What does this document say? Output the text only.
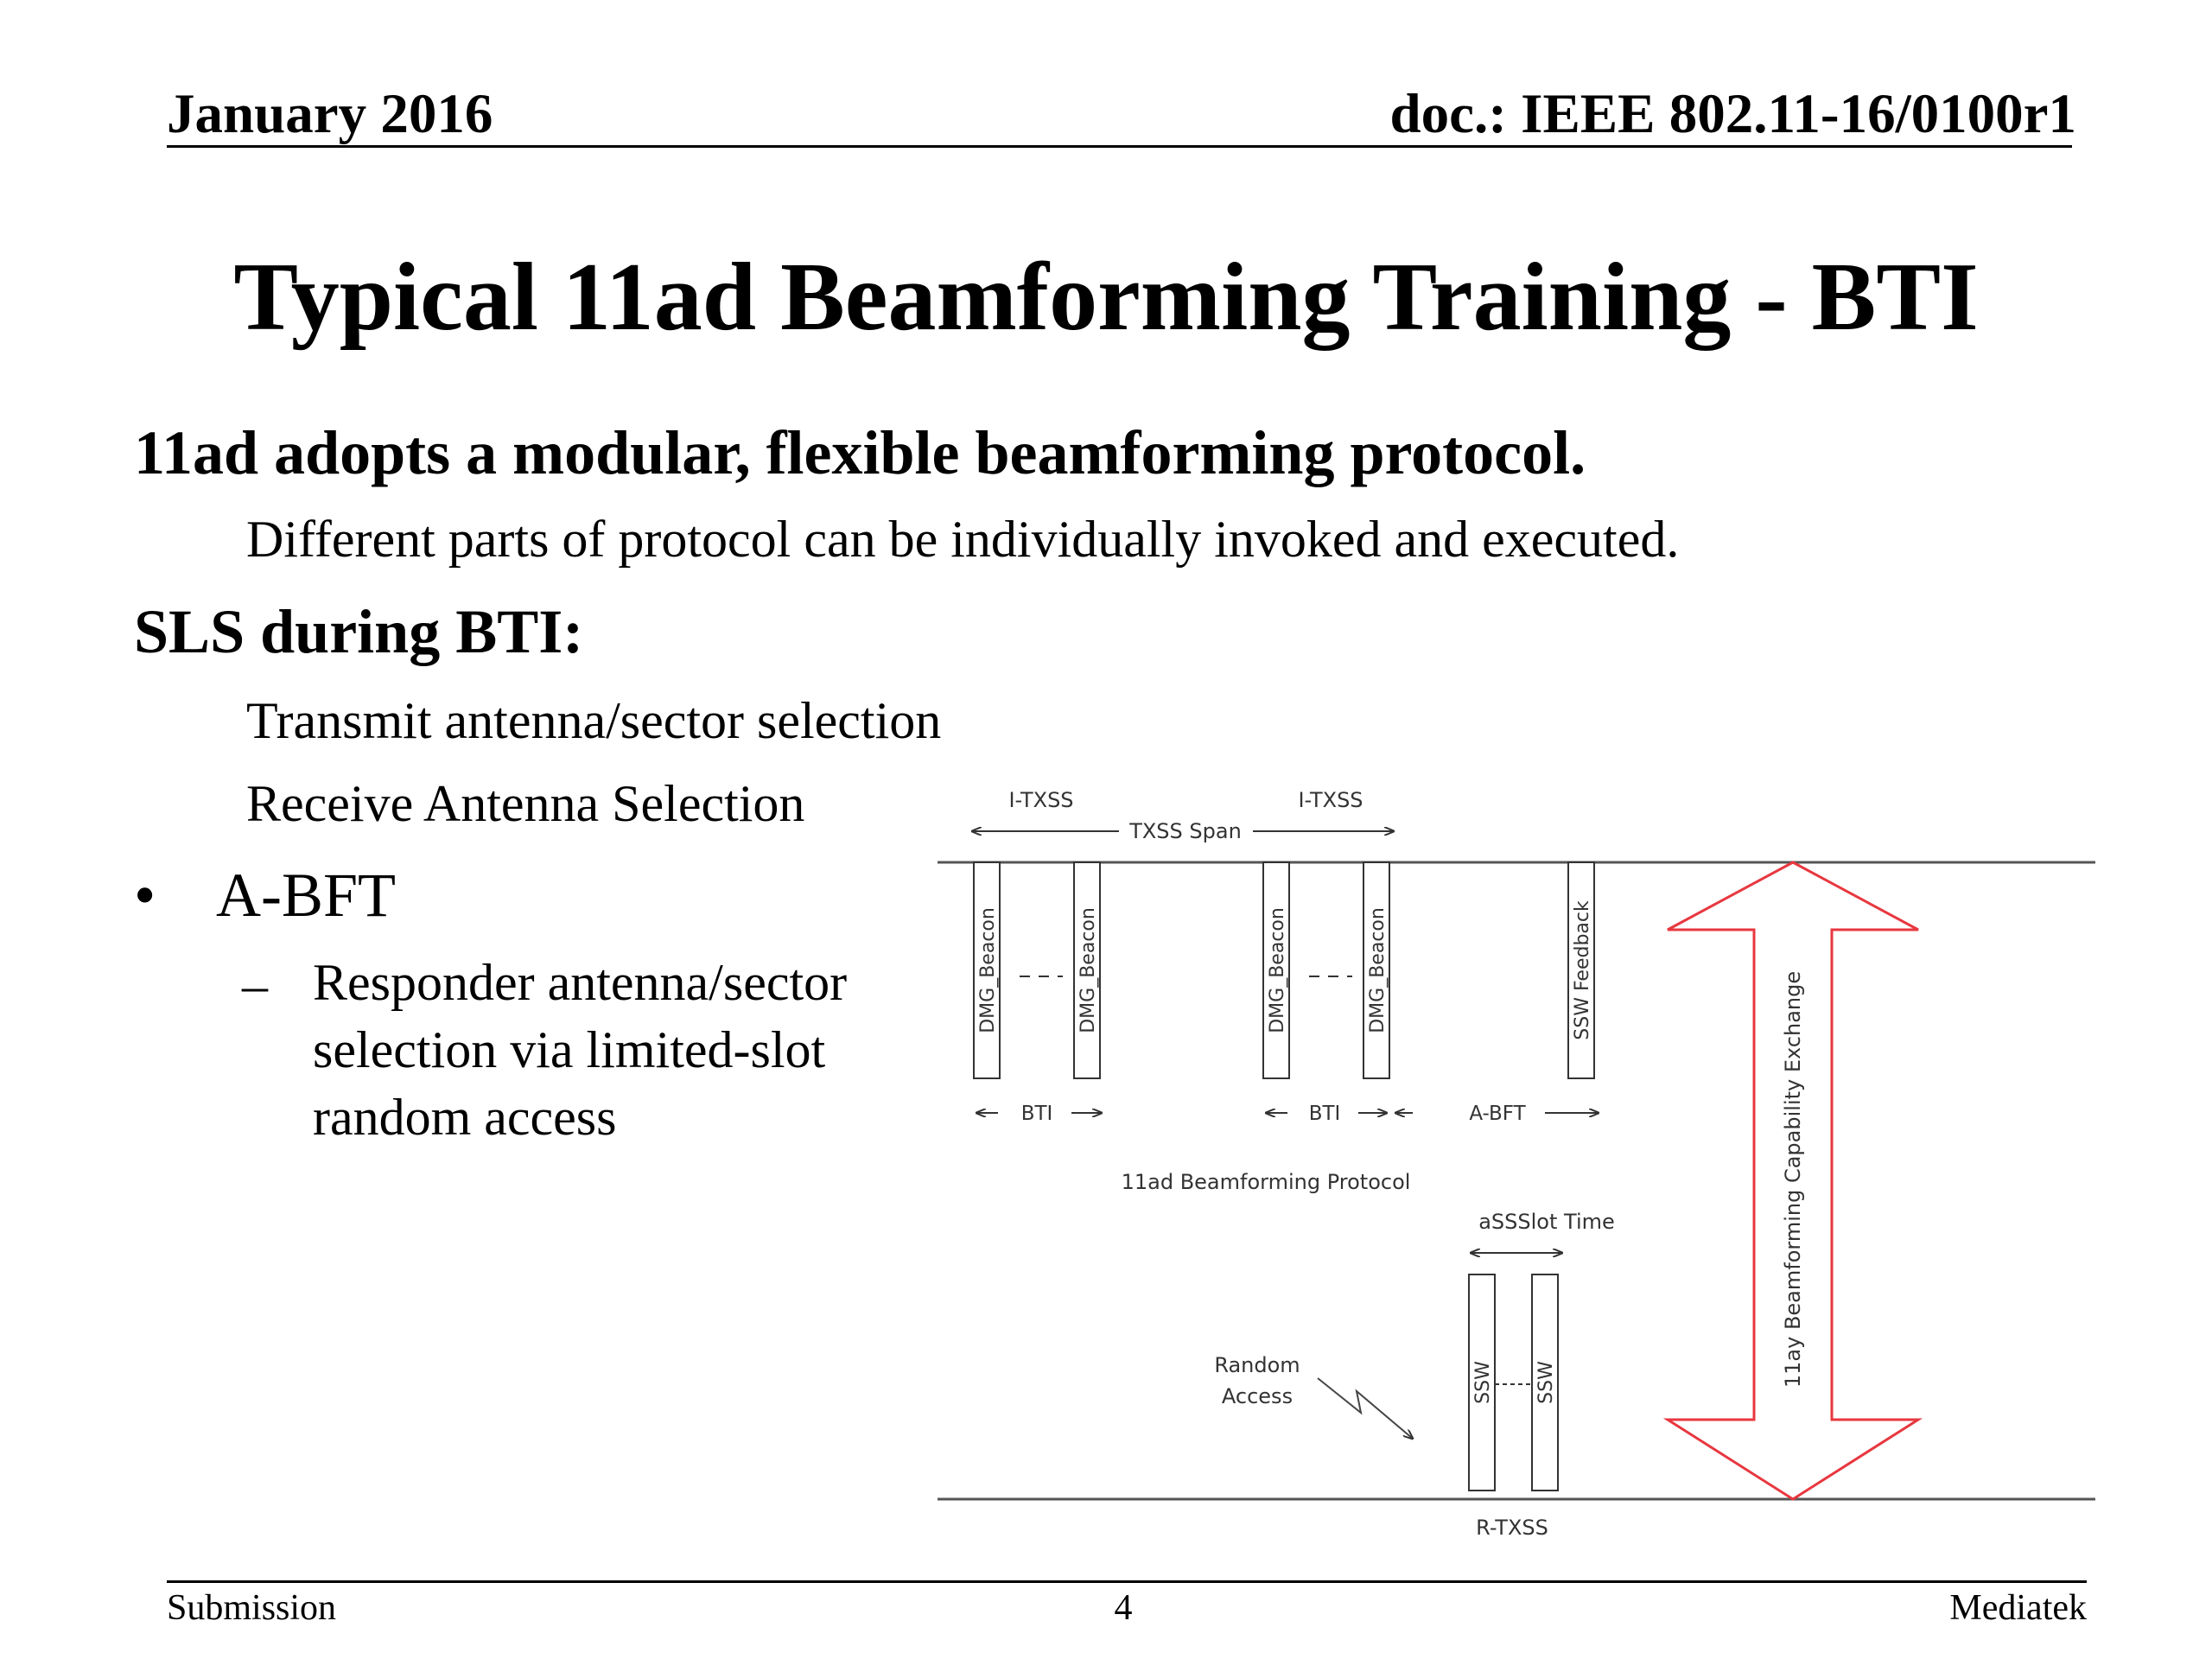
January 2016	doc.: IEEE 802.11-16/0100r1
Typical 11ad Beamforming Training - BTI
11ad adopts a modular, flexible beamforming protocol.
Different parts of protocol can be individually invoked and executed.
SLS during BTI:
Transmit antenna/sector selection
Receive Antenna Selection
• A-BFT
– Responder antenna/sector
selection via limited-slot
random access
I-TXSS	I-TXSS
TXSS Span
DMG_Beacon	DMG_Beacon	DMG_Beacon	DMG_Beacon	SSW Feedback
BTI	BTI	A-BFT
11ad Beamforming Protocol
aSSSlot Time
SSW SSW
Random
Access
R-TXSS
11ay Beamforming Capability Exchange
Submission	4	Mediatek
